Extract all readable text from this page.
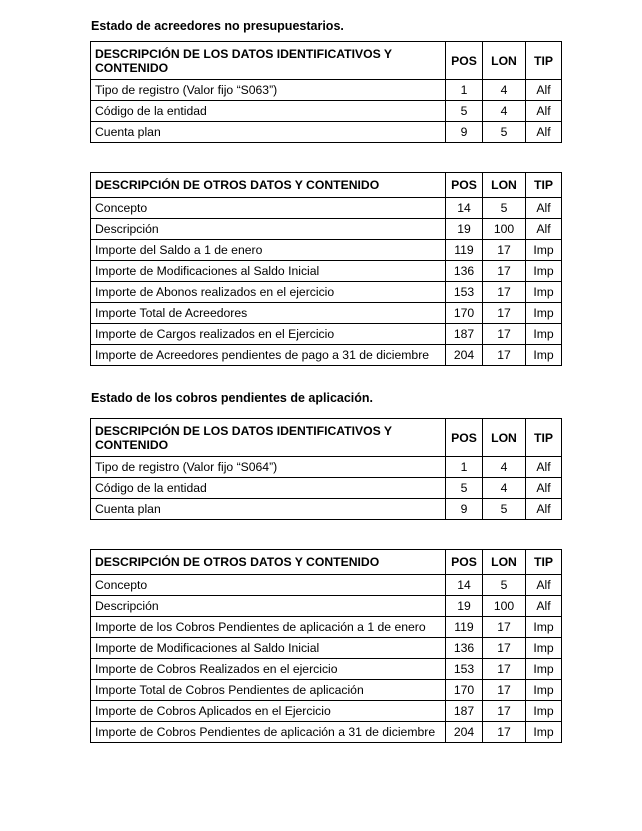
Estado de acreedores no presupuestarios.
DESCRIPCIÓN DE LOS DATOS IDENTIFICATIVOS Y CONTENIDO	POS	LON	TIP
Tipo de registro (Valor fijo “S063”)	1	4	Alf
Código de la entidad	5	4	Alf
Cuenta plan	9	5	Alf
DESCRIPCIÓN DE OTROS DATOS Y CONTENIDO	POS	LON	TIP
Concepto	14	5	Alf
Descripción	19	100	Alf
Importe del Saldo a 1 de enero	119	17	Imp
Importe de Modificaciones al Saldo Inicial	136	17	Imp
Importe de Abonos realizados en el ejercicio	153	17	Imp
Importe Total de Acreedores	170	17	Imp
Importe de Cargos realizados en el Ejercicio	187	17	Imp
Importe de Acreedores pendientes de pago a 31 de diciembre	204	17	Imp
Estado de los cobros pendientes de aplicación.
DESCRIPCIÓN DE LOS DATOS IDENTIFICATIVOS Y CONTENIDO	POS	LON	TIP
Tipo de registro (Valor fijo “S064”)	1	4	Alf
Código de la entidad	5	4	Alf
Cuenta plan	9	5	Alf
DESCRIPCIÓN DE OTROS DATOS Y CONTENIDO	POS	LON	TIP
Concepto	14	5	Alf
Descripción	19	100	Alf
Importe de los Cobros Pendientes de aplicación a 1 de enero	119	17	Imp
Importe de Modificaciones al Saldo Inicial	136	17	Imp
Importe de Cobros Realizados en el ejercicio	153	17	Imp
Importe Total de Cobros Pendientes de aplicación	170	17	Imp
Importe de Cobros Aplicados en el Ejercicio	187	17	Imp
Importe de Cobros Pendientes de aplicación a 31 de diciembre	204	17	Imp
